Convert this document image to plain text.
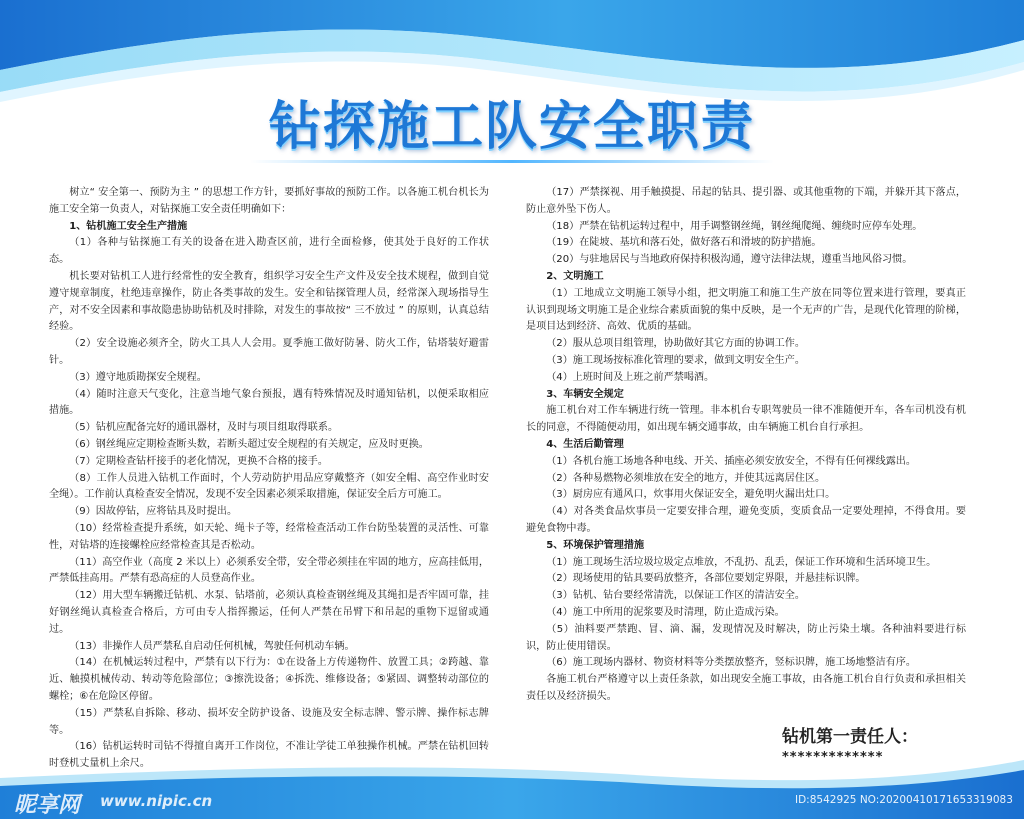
钻探施工队安全职责

树立“ 安全第一、预防为主 ” 的思想工作方针，要抓好事故的预防工作。以各施工机台机长为施工安全第一负责人，对钻探施工安全责任明确如下：

1、钻机施工安全生产措施

（1）各种与钻探施工有关的设备在进入勘查区前，进行全面检修，使其处于良好的工作状态。

机长要对钻机工人进行经常性的安全教育，组织学习安全生产文件及安全技术规程，做到自觉遵守规章制度，杜绝违章操作，防止各类事故的发生。安全和钻探管理人员，经常深入现场指导生产，对不安全因素和事故隐患协助钻机及时排除，对发生的事故按“ 三不放过 ” 的原则，认真总结经验。

（2）安全设施必须齐全，防火工具人人会用。夏季施工做好防暑、防火工作，钻塔装好避雷针。

（3）遵守地质勘探安全规程。

（4）随时注意天气变化，注意当地气象台预报，遇有特殊情况及时通知钻机，以便采取相应措施。

（5）钻机应配备完好的通讯器材，及时与项目组取得联系。

（6）钢丝绳应定期检查断头数，若断头超过安全规程的有关规定，应及时更换。

（7）定期检查钻杆接手的老化情况，更换不合格的接手。

（8）工作人员进入钻机工作面时，个人劳动防护用品应穿戴整齐（如安全帽、高空作业时安全绳）。工作前认真检查安全情况，发现不安全因素必须采取措施，保证安全后方可施工。

（9）因故停钻，应将钻具及时提出。

（10）经常检查提升系统，如天轮、绳卡子等，经常检查活动工作台防坠装置的灵活性、可靠性，对钻塔的连接螺栓应经常检查其是否松动。

（11）高空作业（高度 2 米以上）必须系安全带，安全带必须挂在牢固的地方，应高挂低用，严禁低挂高用。严禁有恐高症的人员登高作业。

（12）用大型车辆搬迁钻机、水泵、钻塔前，必须认真检查钢丝绳及其绳扣是否牢固可靠，挂好钢丝绳认真检查合格后，方可由专人指挥搬运，任何人严禁在吊臂下和吊起的重物下逗留或通过。

（13）非操作人员严禁私自启动任何机械，驾驶任何机动车辆。

（14）在机械运转过程中，严禁有以下行为：①在设备上方传递物件、放置工具；②跨越、靠近、触摸机械传动、转动等危险部位；③擦洗设备；④拆洗、维修设备；⑤紧固、调整转动部位的螺栓；⑥在危险区停留。

（15）严禁私自拆除、移动、损坏安全防护设备、设施及安全标志牌、警示牌、操作标志牌等。

（16）钻机运转时司钻不得擅自离开工作岗位，不准让学徒工单独操作机械。严禁在钻机回转时登机丈量机上余尺。

（17）严禁探视、用手触摸提、吊起的钻具、提引器、或其他重物的下端，并躲开其下落点，防止意外坠下伤人。

（18）严禁在钻机运转过程中，用手调整钢丝绳，钢丝绳爬绳、缠绕时应停车处理。

（19）在陡坡、基坑和落石处，做好落石和滑坡的防护措施。

（20）与驻地居民与当地政府保持积极沟通，遵守法律法规，遵重当地风俗习惯。

2、文明施工

（1）工地成立文明施工领导小组，把文明施工和施工生产放在同等位置来进行管理，要真正认识到现场文明施工是企业综合素质面貌的集中反映，是一个无声的广告，是现代化管理的阶梯，是项目达到经济、高效、优质的基础。

（2）服从总项目组管理，协助做好其它方面的协调工作。

（3）施工现场按标准化管理的要求，做到文明安全生产。

（4）上班时间及上班之前严禁喝酒。

3、车辆安全规定

施工机台对工作车辆进行统一管理。非本机台专职驾驶员一律不准随便开车，各车司机没有机长的同意，不得随便动用，如出现车辆交通事故，由车辆施工机台自行承担。

4、生活后勤管理

（1）各机台施工场地各种电线、开关、插座必须安放安全，不得有任何裸线露出。

（2）各种易燃物必须堆放在安全的地方，并使其远离居住区。

（3）厨房应有通风口，炊事用火保证安全，避免明火漏出灶口。

（4）对各类食品炊事员一定要安排合理，避免变质，变质食品一定要处理掉，不得食用。要避免食物中毒。

5、环境保护管理措施

（1）施工现场生活垃圾垃圾定点堆放，不乱扔、乱丢，保证工作环境和生活环境卫生。

（2）现场使用的钻具要码放整齐，各部位要划定界限，并悬挂标识牌。

（3）钻机、钻台要经常清洗，以保证工作区的清洁安全。

（4）施工中所用的泥浆要及时清理，防止造成污染。

（5）油料要严禁跑、冒、滴、漏，发现情况及时解决，防止污染土壤。各种油料要进行标识，防止使用错误。

（6）施工现场内器材、物资材料等分类摆放整齐，竖标识牌，施工场地整洁有序。

各施工机台严格遵守以上责任条款，如出现安全施工事故，由各施工机台自行负责和承担相关责任以及经济损失。

钻机第一责任人：
*************
昵享网 www.nipic.cn	ID:8542925 NO:20200410171653319083
